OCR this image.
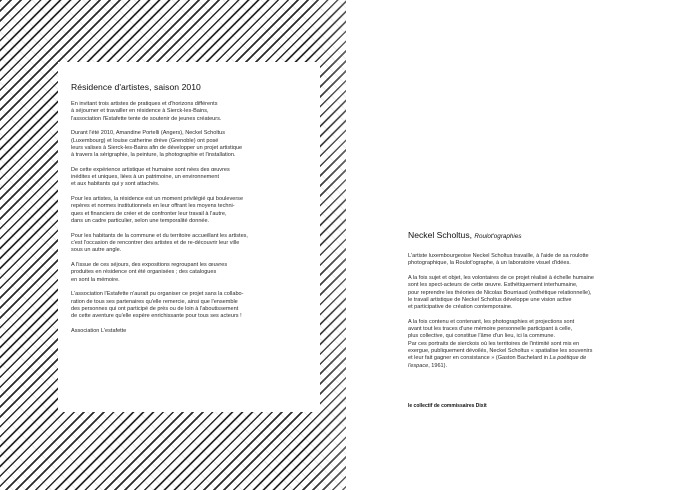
Résidence d'artistes, saison 2010

En invitant trois artistes de pratiques et d'horizons différents
à séjourner et travailler en résidence à Sierck-les-Bains,
l'association l'Estafette tente de soutenir de jeunes créateurs.

Durant l'été 2010, Amandine Portelli (Angers), Neckel Scholtus
(Luxembourg) et louise catherine drève (Grenoble) ont posé
leurs valises à Sierck-les-Bains afin de développer un projet artistique
à travers la sérigraphie, la peinture, la photographie et l'installation.

De cette expérience artistique et humaine sont nées des œuvres
inédites et uniques, liées à un patrimoine, un environnement
et aux habitants qui y sont attachés.

Pour les artistes, la résidence est un moment privilégié qui bouleverse
repères et normes institutionnels en leur offrant les moyens techni-
ques et financiers de créer et de confronter leur travail à l'autre,
dans un cadre particulier, selon une temporalité donnée.

Pour les habitants de la commune et du territoire accueillant les artistes,
c'est l'occasion de rencontrer des artistes et de re-découvrir leur ville
sous un autre angle.

A l'issue de ces séjours, des expositions regroupant les œuvres
produites en résidence ont été organisées ; des catalogues
en sont la mémoire.

L'association l'Estafette n'aurait pu organiser ce projet sans la collabo-
ration de tous ses partenaires qu'elle remercie, ainsi que l'ensemble
des personnes qui ont participé de près ou de loin à l'aboutissement
de cette aventure qu'elle espère enrichissante pour tous ses acteurs !

Association L'estafette
Neckel Scholtus, Roulot'ographies

L'artiste luxembourgeoise Neckel Scholtus travaille, à l'aide de sa roulotte
photographique, la Roulot'ographe, à un laboratoire visuel d'idées.

A la fois sujet et objet, les volontaires de ce projet réalisé à échelle humaine
sont les spect-acteurs de cette œuvre. Esthétiquement interhumaine,
pour reprendre les théories de Nicolas Bourriaud (esthétique relationnelle),
le travail artistique de Neckel Scholtus développe une vision active
et participative de création contemporaine.

A la fois contenu et contenant, les photographies et projections sont
avant tout les traces d'une mémoire personnelle participant à celle,
plus collective, qui constitue l'âme d'un lieu, ici la commune.
Par ces portraits de sierckois où les territoires de l'intimité sont mis en
exergue, publiquement dévoilés, Neckel Scholtus « spatialise les souvenirs
et leur fait gagner en consistance » (Gaston Bachelard in La poétique de
l'espace, 1961).

le collectif de commissaires Dixit
